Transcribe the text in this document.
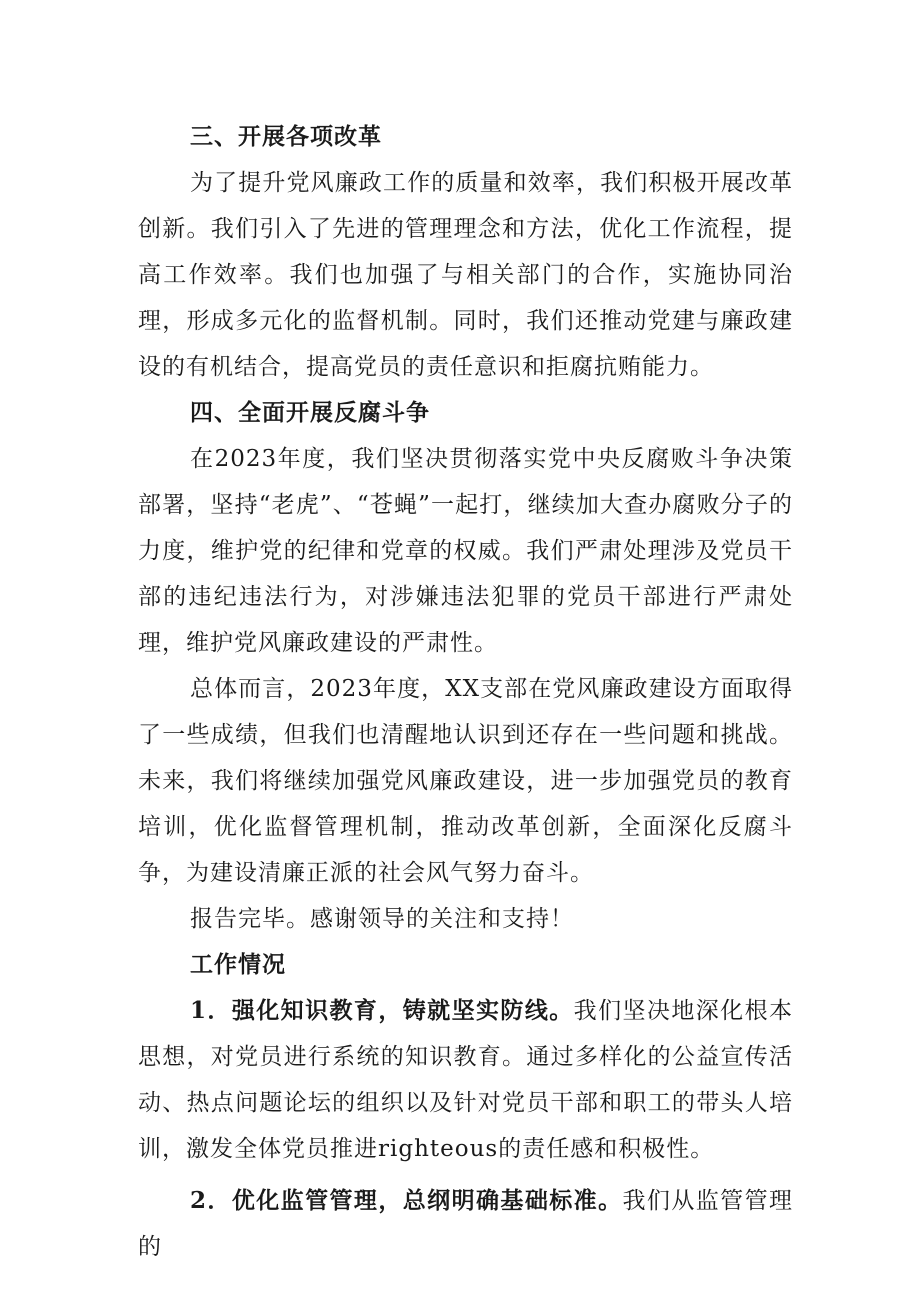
三、开展各项改革

为了提升党风廉政工作的质量和效率，我们积极开展改革创新。我们引入了先进的管理理念和方法，优化工作流程，提高工作效率。我们也加强了与相关部门的合作，实施协同治理，形成多元化的监督机制。同时，我们还推动党建与廉政建设的有机结合，提高党员的责任意识和拒腐抗贿能力。

四、全面开展反腐斗争

在2023年度，我们坚决贯彻落实党中央反腐败斗争决策部署，坚持“老虎”、“苍蝇”一起打，继续加大查办腐败分子的力度，维护党的纪律和党章的权威。我们严肃处理涉及党员干部的违纪违法行为，对涉嫌违法犯罪的党员干部进行严肃处理，维护党风廉政建设的严肃性。

总体而言，2023年度，XX支部在党风廉政建设方面取得了一些成绩，但我们也清醒地认识到还存在一些问题和挑战。未来，我们将继续加强党风廉政建设，进一步加强党员的教育培训，优化监督管理机制，推动改革创新，全面深化反腐斗争，为建设清廉正派的社会风气努力奋斗。

报告完毕。感谢领导的关注和支持！

工作情况

1．强化知识教育，铸就坚实防线。我们坚决地深化根本思想，对党员进行系统的知识教育。通过多样化的公益宣传活动、热点问题论坛的组织以及针对党员干部和职工的带头人培训，激发全体党员推进righteous的责任感和积极性。

2．优化监管管理，总纲明确基础标准。我们从监管管理的
